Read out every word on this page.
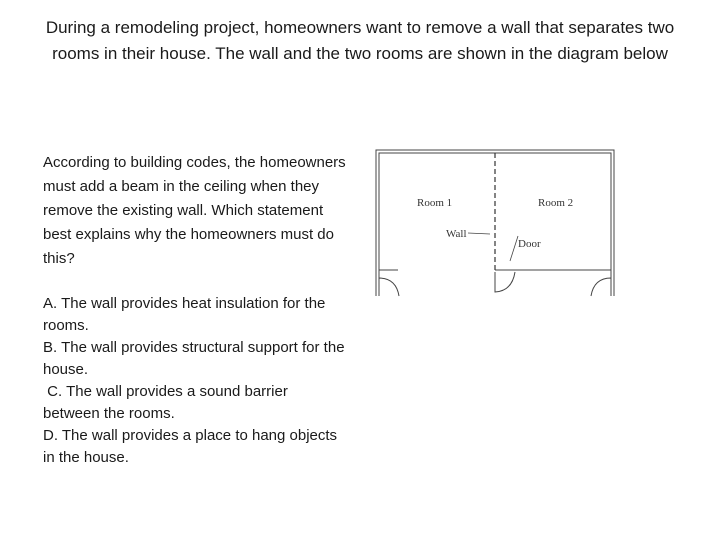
During a remodeling project, homeowners want to remove a wall that separates two rooms in their house. The wall and the two rooms are shown in the diagram below
According to building codes, the homeowners must add a beam in the ceiling when they remove the existing wall. Which statement best explains why the homeowners must do this?
A. The wall provides heat insulation for the rooms.
B. The wall provides structural support for the house.
C. The wall provides a sound barrier between the rooms.
D. The wall provides a place to hang objects in the house.
Room 1	Room 2
Wall
Door
